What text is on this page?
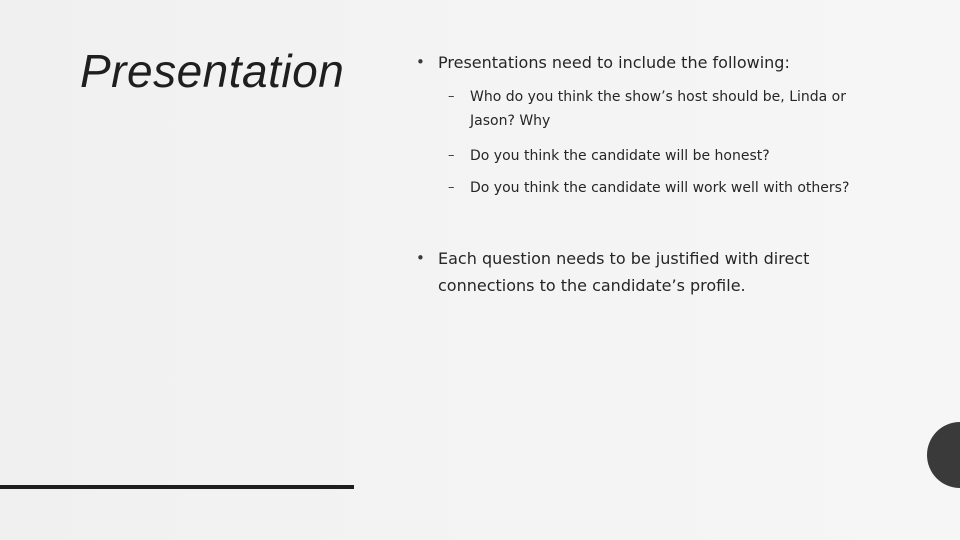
Presentation	• Presentations need to include the following:
–	Who do you think the show’s host should be, Linda or Jason? Why
–	Do you think the candidate will be honest?
–	Do you think the candidate will work well with others?
• Each question needs to be justified with direct connections to the candidate’s profile.
